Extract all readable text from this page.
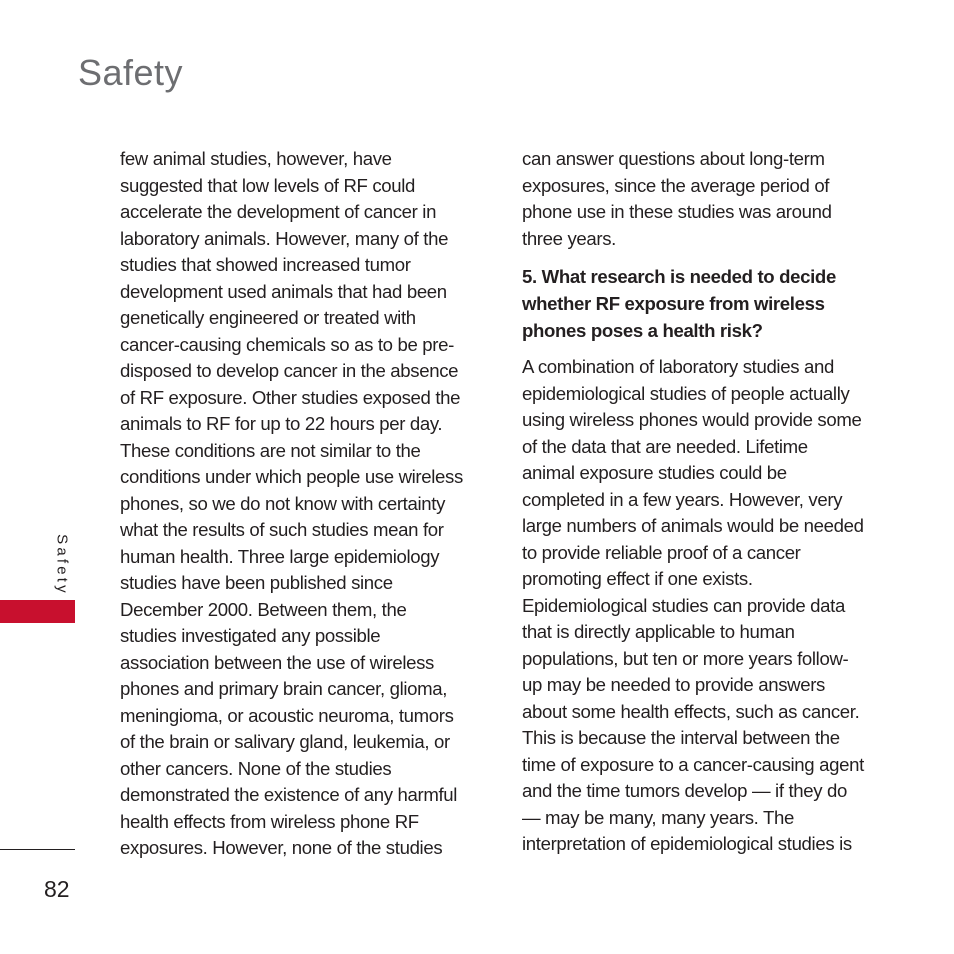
Safety
few animal studies, however, have
suggested that low levels of RF could
accelerate the development of cancer in
laboratory animals. However, many of the
studies that showed increased tumor
development used animals that had been
genetically engineered or treated with
cancer-causing chemicals so as to be pre-
disposed to develop cancer in the absence
of RF exposure. Other studies exposed the
animals to RF for up to 22 hours per day.
These conditions are not similar to the
conditions under which people use wireless
phones, so we do not know with certainty
what the results of such studies mean for
human health. Three large epidemiology
studies have been published since
December 2000. Between them, the
studies investigated any possible
association between the use of wireless
phones and primary brain cancer, glioma,
meningioma, or acoustic neuroma, tumors
of the brain or salivary gland, leukemia, or
other cancers. None of the studies
demonstrated the existence of any harmful
health effects from wireless phone RF
exposures. However, none of the studies
can answer questions about long-term
exposures, since the average period of
phone use in these studies was around
three years.
5. What research is needed to decide
whether RF exposure from wireless
phones poses a health risk?
A combination of laboratory studies and
epidemiological studies of people actually
using wireless phones would provide some
of the data that are needed. Lifetime
animal exposure studies could be
completed in a few years. However, very
large numbers of animals would be needed
to provide reliable proof of a cancer
promoting effect if one exists.
Epidemiological studies can provide data
that is directly applicable to human
populations, but ten or more years follow-
up may be needed to provide answers
about some health effects, such as cancer.
This is because the interval between the
time of exposure to a cancer-causing agent
and the time tumors develop — if they do
— may be many, many years. The
interpretation of epidemiological studies is
Safety
82
